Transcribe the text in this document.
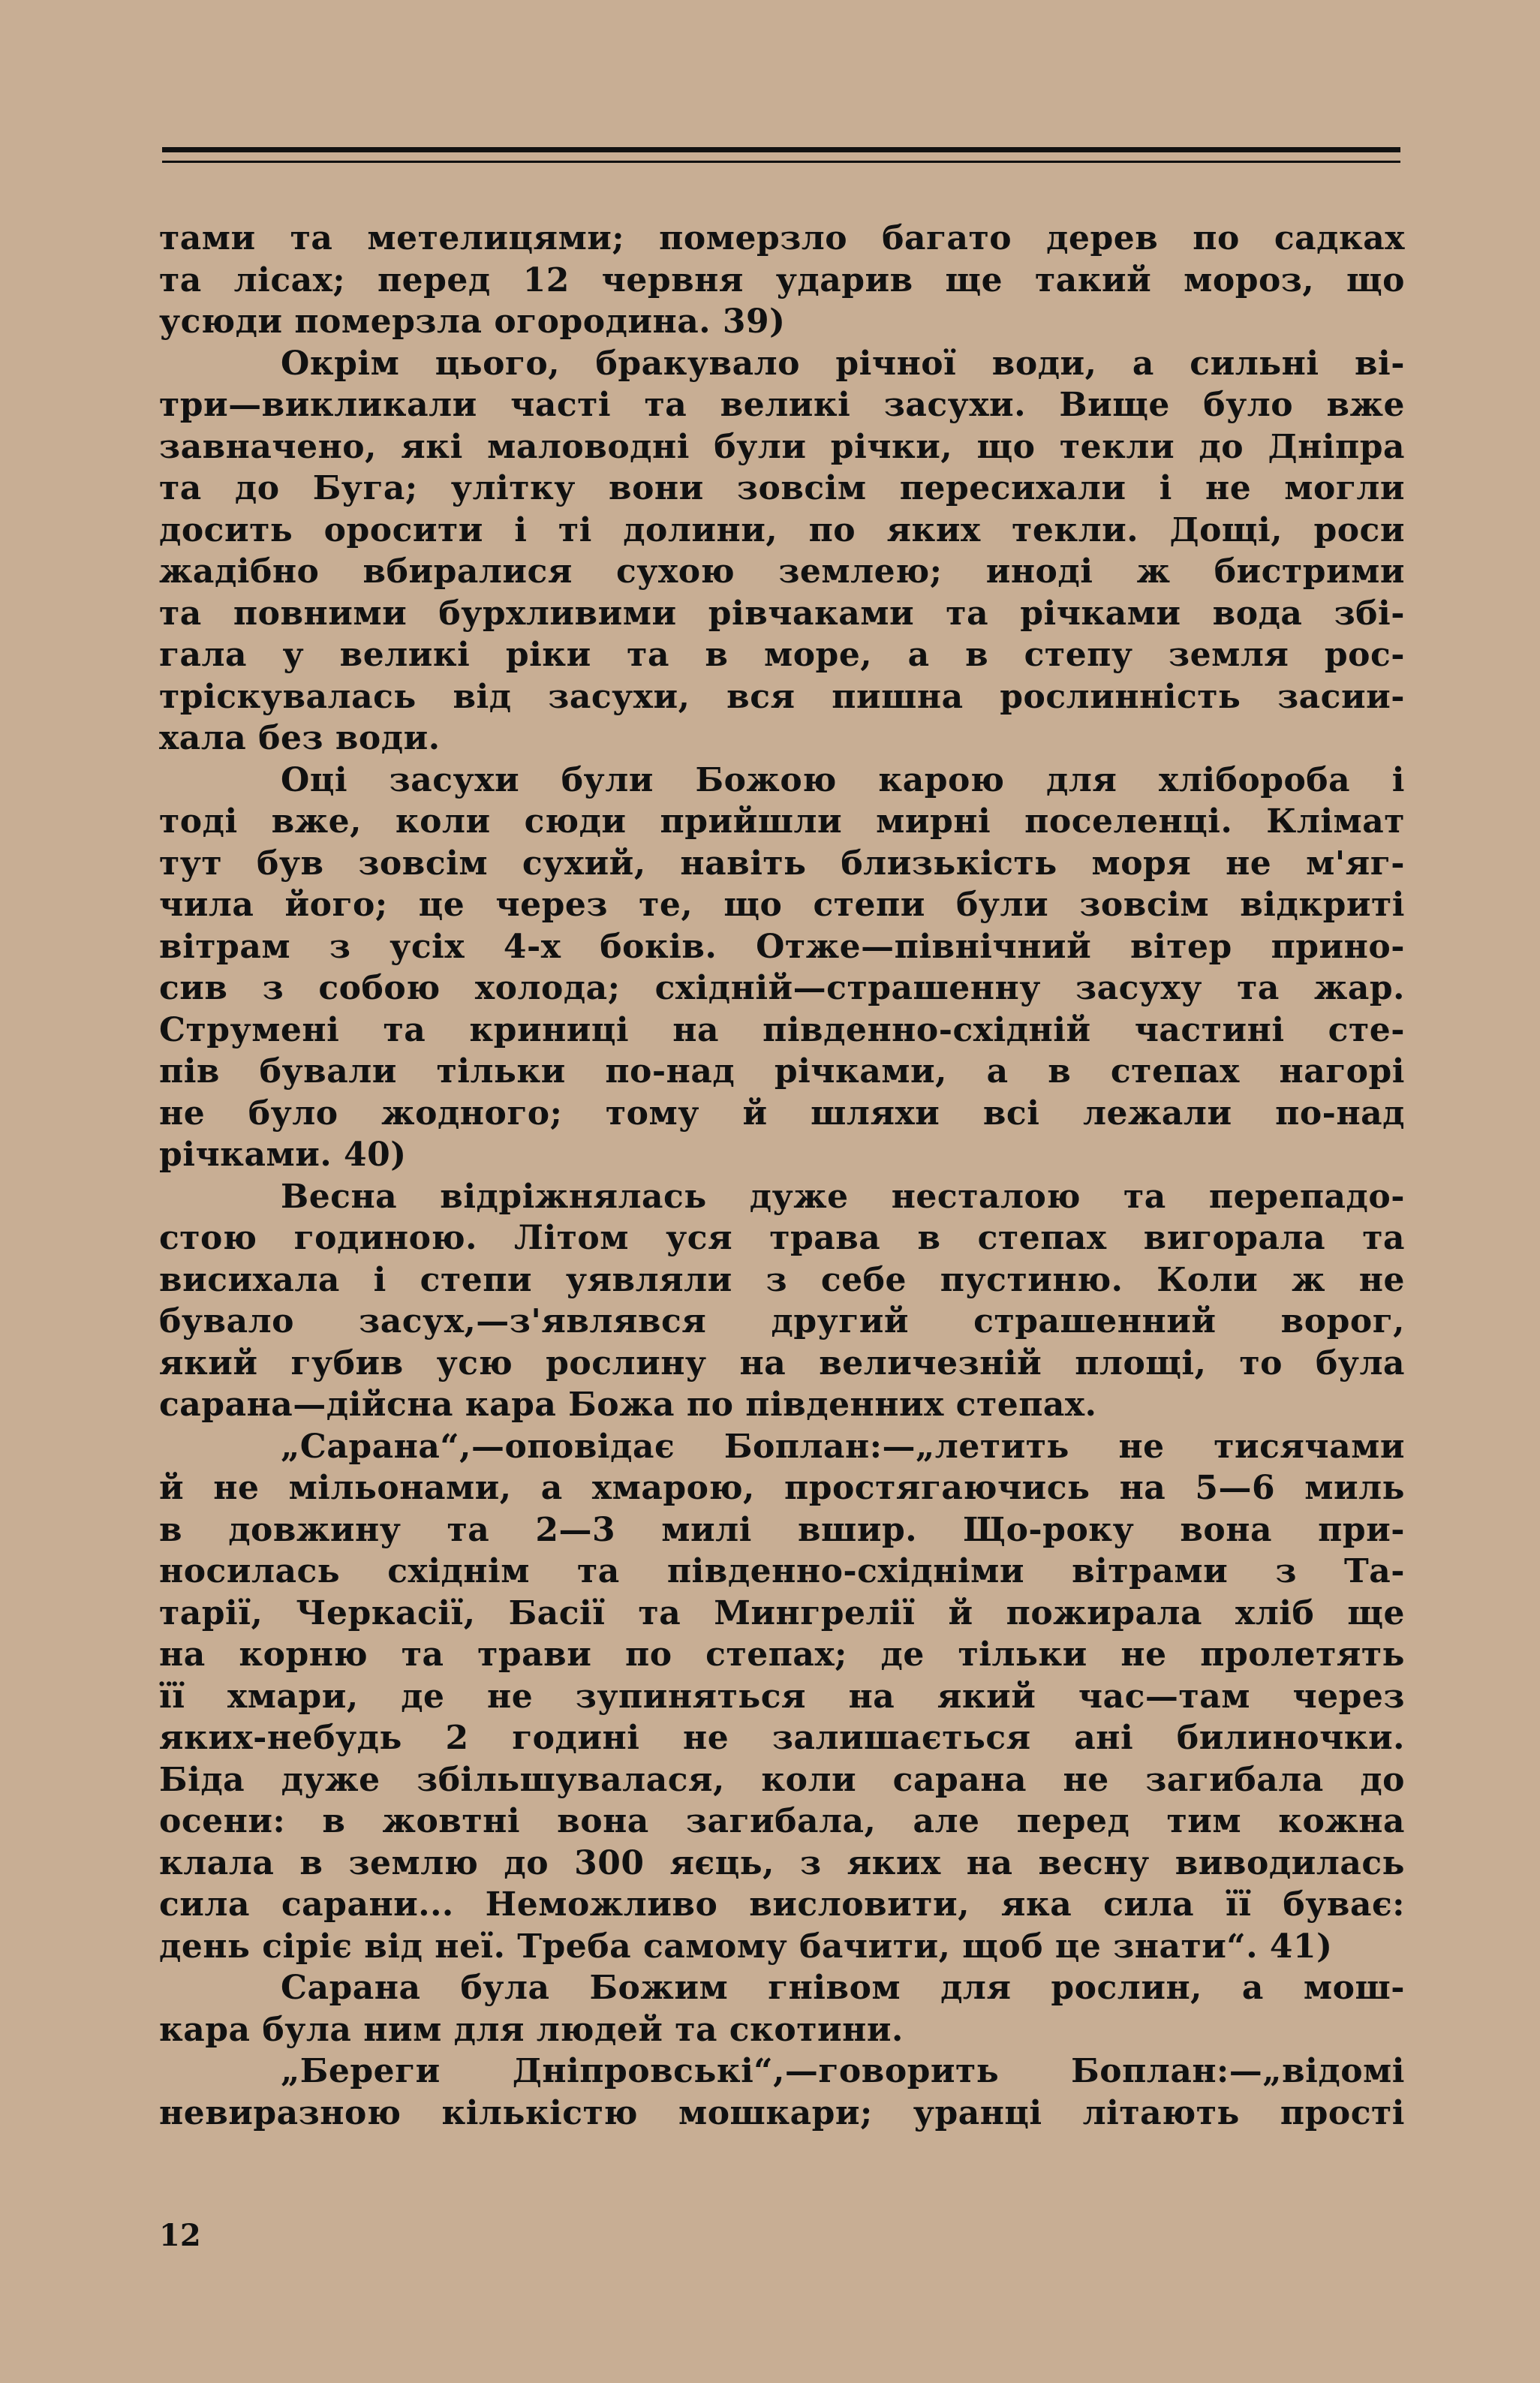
тами та метелицями; померзло багато дерев по садках
та лісах; перед 12 червня ударив ще такий мороз, що
усюди померзла огородина. 39)
Окрім цього, бракувало річної води, а сильні ві-
три—викликали часті та великі засухи. Вище було вже
завначено, які маловодні були річки, що текли до Дніпра
та до Буга; улітку вони зовсім пересихали і не могли
досить оросити і ті долини, по яких текли. Дощі, роси
жадібно вбиралися сухою землею; иноді ж бистрими
та повними бурхливими рівчаками та річками вода збі-
гала у великі ріки та в море, а в степу земля рос-
тріскувалась від засухи, вся пишна рослинність засии-
хала без води.
Оці засухи були Божою карою для хлібороба і
тоді вже, коли сюди прийшли мирні поселенці. Клімат
тут був зовсім сухий, навіть близькість моря не м'яг-
чила його; це через те, що степи були зовсім відкриті
вітрам з усіх 4-х боків. Отже—північний вітер прино-
сив з собою холода; східній—страшенну засуху та жар.
Струмені та криниці на південно-східній частині сте-
пів бували тільки по-над річками, а в степах нагорі
не було жодного; тому й шляхи всі лежали по-над
річками. 40)
Весна відріжнялась дуже несталою та перепадо-
стою годиною. Літом уся трава в степах вигорала та
висихала і степи уявляли з себе пустиню. Коли ж не
бувало засух,—з'являвся другий страшенний ворог,
який губив усю рослину на величезній площі, то була
сарана—дійсна кара Божа по південних степах.
„Сарана“,—оповідає Боплан:—„летить не тисячами
й не мільонами, а хмарою, простягаючись на 5—6 миль
в довжину та 2—3 милі вшир. Що-року вона при-
носилась східнім та південно-східніми вітрами з Та-
тарії, Черкасії, Басії та Мингрелії й пожирала хліб ще
на корню та трави по степах; де тільки не пролетять
її хмари, де не зупиняться на який час—там через
яких-небудь 2 годині не залишається ані билиночки.
Біда дуже збільшувалася, коли сарана не загибала до
осени: в жовтні вона загибала, але перед тим кожна
клала в землю до 300 яєць, з яких на весну виводилась
сила сарани... Неможливо висловити, яка сила її буває:
день сіріє від неї. Треба самому бачити, щоб це знати“. 41)
Сарана була Божим гнівом для рослин, а мош-
кара була ним для людей та скотини.
„Береги Дніпровські“,—говорить Боплан:—„відомі
невиразною кількістю мошкари; уранці літають прості
12
